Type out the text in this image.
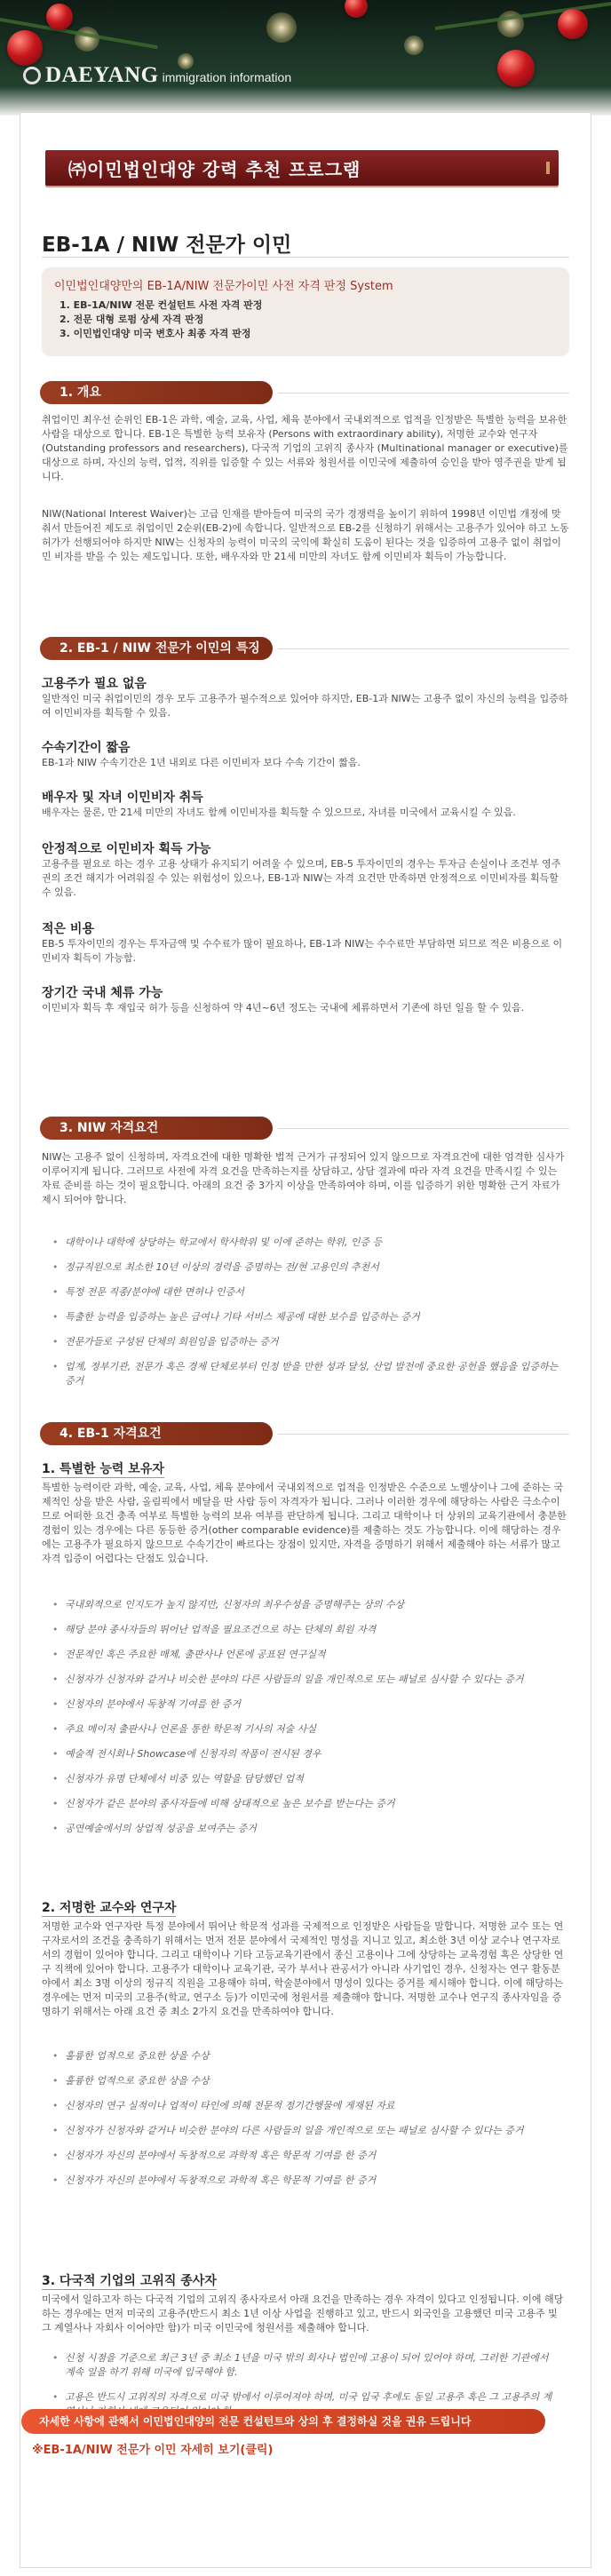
DAEYANG immigration information
㈜이민법인대양 강력 추천 프로그램
EB-1A / NIW 전문가 이민
이민법인대양만의 EB-1A/NIW 전문가이민 사전 자격 판정 System
1. EB-1A/NIW 전문 컨설턴트 사전 자격 판정
2. 전문 대형 로펌 상세 자격 판정
3. 이민법인대양 미국 변호사 최종 자격 판정
1. 개요
취업이민 최우선 순위인 EB-1은 과학, 예술, 교육, 사업, 체육 분야에서 국내외적으로 업적을 인정받은 특별한 능력을 보유한 사람을 대상으로 합니다. EB-1은 특별한 능력 보유자 (Persons with extraordinary ability), 저명한 교수와 연구자 (Outstanding professors and researchers), 다국적 기업의 고위직 종사자 (Multinational manager or executive)를 대상으로 하며, 자신의 능력, 업적, 직위를 입증할 수 있는 서류와 청원서를 이민국에 제출하여 승인을 받아 영주권을 받게 됩니다.
NIW(National Interest Waiver)는 고급 인재를 받아들여 미국의 국가 경쟁력을 높이기 위하여 1998년 이민법 개정에 맞춰서 만들어진 제도로 취업이민 2순위(EB-2)에 속합니다. 일반적으로 EB-2를 신청하기 위해서는 고용주가 있어야 하고 노동허가가 선행되어야 하지만 NIW는 신청자의 능력이 미국의 국익에 확실히 도움이 된다는 것을 입증하여 고용주 없이 취업이민 비자를 받을 수 있는 제도입니다. 또한, 배우자와 만 21세 미만의 자녀도 함께 이민비자 획득이 가능합니다.
2. EB-1 / NIW 전문가 이민의 특징
고용주가 필요 없음
일반적인 미국 취업이민의 경우 모두 고용주가 필수적으로 있어야 하지만, EB-1과 NIW는 고용주 없이 자신의 능력을 입증하여 이민비자를 획득할 수 있음.
수속기간이 짧음
EB-1과 NIW 수속기간은 1년 내외로 다른 이민비자 보다 수속 기간이 짧음.
배우자 및 자녀 이민비자 취득
배우자는 물론, 만 21세 미만의 자녀도 함께 이민비자를 획득할 수 있으므로, 자녀를 미국에서 교육시킬 수 있음.
안정적으로 이민비자 획득 가능
고용주를 필요로 하는 경우 고용 상태가 유지되기 어려울 수 있으며, EB-5 투자이민의 경우는 투자금 손실이나 조건부 영주권의 조건 해지가 어려워질 수 있는 위험성이 있으나, EB-1과 NIW는 자격 요건만 만족하면 안정적으로 이민비자를 획득할 수 있음.
적은 비용
EB-5 투자이민의 경우는 투자금액 및 수수료가 많이 필요하나, EB-1과 NIW는 수수료만 부담하면 되므로 적은 비용으로 이민비자 획득이 가능함.
장기간 국내 체류 가능
이민비자 획득 후 재입국 허가 등을 신청하여 약 4년~6년 정도는 국내에 체류하면서 기존에 하던 일을 할 수 있음.
3. NIW 자격요건
NIW는 고용주 없이 신청하며, 자격요건에 대한 명확한 법적 근거가 규정되어 있지 않으므로 자격요건에 대한 엄격한 심사가 이루어지게 됩니다. 그러므로 사전에 자격 요건을 만족하는지를 상담하고, 상담 결과에 따라 자격 요건을 만족시킬 수 있는 자료 준비를 하는 것이 필요합니다. 아래의 요건 중 3가지 이상을 만족하여야 하며, 이를 입증하기 위한 명확한 근거 자료가 제시 되어야 합니다.
• 대학이나 대학에 상당하는 학교에서 학사학위 및 이에 준하는 학위, 인증 등
• 정규직원으로 최소한 10년 이상의 경력을 증명하는 전/현 고용인의 추천서
• 특정 전문 직종/분야에 대한 면허나 인증서
• 특출한 능력을 입증하는 높은 급여나 기타 서비스 제공에 대한 보수를 입증하는 증거
• 전문가들로 구성된 단체의 회원임을 입증하는 증거
• 업계, 정부기관, 전문가 혹은 경제 단체로부터 인정 받을 만한 성과 달성, 산업 발전에 중요한 공헌을 했음을 입증하는 증거
4. EB-1 자격요건
1. 특별한 능력 보유자
특별한 능력이란 과학, 예술, 교육, 사업, 체육 분야에서 국내외적으로 업적을 인정받은 수준으로 노벨상이나 그에 준하는 국제적인 상을 받은 사람, 올림픽에서 메달을 딴 사람 등이 자격자가 됩니다. 그러나 이러한 경우에 해당하는 사람은 극소수이므로 어떠한 요건 충족 여부로 특별한 능력의 보유 여부를 판단하게 됩니다. 그리고 대학이나 더 상위의 교육기관에서 충분한 경험이 있는 경우에는 다른 동등한 증거(other comparable evidence)를 제출하는 것도 가능합니다. 이에 해당하는 경우에는 고용주가 필요하지 않으므로 수속기간이 빠르다는 장점이 있지만, 자격을 증명하기 위해서 제출해야 하는 서류가 많고 자격 입증이 어렵다는 단점도 있습니다.
• 국내외적으로 인지도가 높지 않지만, 신청자의 최우수성을 증명해주는 상의 수상
• 해당 분야 종사자들의 뛰어난 업적을 필요조건으로 하는 단체의 회원 자격
• 전문적인 혹은 주요한 매체, 출판사나 언론에 공표된 연구실적
• 신청자가 신청자와 같거나 비슷한 분야의 다른 사람들의 일을 개인적으로 또는 패널로 심사할 수 있다는 증거
• 신청자의 분야에서 독창적 기여를 한 증거
• 주요 메이저 출판사나 언론을 통한 학문적 기사의 저술 사실
• 예술적 전시회나 Showcase에 신청자의 작품이 전시된 경우
• 신청자가 유명 단체에서 비중 있는 역할을 담당했던 업적
• 신청자가 같은 분야의 종사자들에 비해 상대적으로 높은 보수를 받는다는 증거
• 공연예술에서의 상업적 성공을 보여주는 증거
2. 저명한 교수와 연구자
저명한 교수와 연구자란 특정 분야에서 뛰어난 학문적 성과를 국제적으로 인정받은 사람들을 말합니다. 저명한 교수 또는 연구자로서의 조건을 충족하기 위해서는 먼저 전문 분야에서 국제적인 명성을 지니고 있고, 최소한 3년 이상 교수나 연구자로서의 경험이 있어야 합니다. 그리고 대학이나 기타 고등교육기관에서 종신 고용이나 그에 상당하는 교육경험 혹은 상당한 연구 직책에 있어야 합니다. 고용주가 대학이나 교육기관, 국가 부서나 관공서가 아니라 사기업인 경우, 신청자는 연구 활동분야에서 최소 3명 이상의 정규직 직원을 고용해야 하며, 학술분야에서 명성이 있다는 증거를 제시해야 합니다. 이에 해당하는 경우에는 먼저 미국의 고용주(학교, 연구소 등)가 이민국에 청원서를 제출해야 합니다. 저명한 교수나 연구직 종사자임을 증명하기 위해서는 아래 요건 중 최소 2가지 요건을 만족하여야 합니다.
• 훌륭한 업적으로 중요한 상을 수상
• 훌륭한 업적으로 중요한 상을 수상
• 신청자의 연구 실적이나 업적이 타인에 의해 전문적 정기간행물에 게재된 자료
• 신청자가 신청자와 같거나 비슷한 분야의 다른 사람들의 일을 개인적으로 또는 패널로 심사할 수 있다는 증거
• 신청자가 자신의 분야에서 독창적으로 과학적 혹은 학문적 기여를 한 증거
• 신청자가 자신의 분야에서 독창적으로 과학적 혹은 학문적 기여를 한 증거
3. 다국적 기업의 고위직 종사자
미국에서 일하고자 하는 다국적 기업의 고위직 종사자로서 아래 요건을 만족하는 경우 자격이 있다고 인정됩니다. 이에 해당하는 경우에는 먼저 미국의 고용주(반드시 최소 1년 이상 사업을 진행하고 있고, 반드시 외국인을 고용했던 미국 고용주 및 그 계열사나 자회사 이어야만 함)가 미국 이민국에 청원서를 제출해야 합니다.
• 신청 시점을 기준으로 최근 3년 중 최소 1년을 미국 밖의 회사나 법인에 고용이 되어 있어야 하며, 그러한 기관에서 계속 일을 하기 위해 미국에 입국해야 함.
• 고용은 반드시 고위직의 자격으로 미국 밖에서 이루어져야 하며, 미국 입국 후에도 동일 고용주 혹은 그 고용주의 계
자세한 사항에 관해서 이민법인대양의 전문 컨설턴트와 상의 후 결정하실 것을 권유 드립니다
※EB-1A/NIW 전문가 이민 자세히 보기(클릭)
